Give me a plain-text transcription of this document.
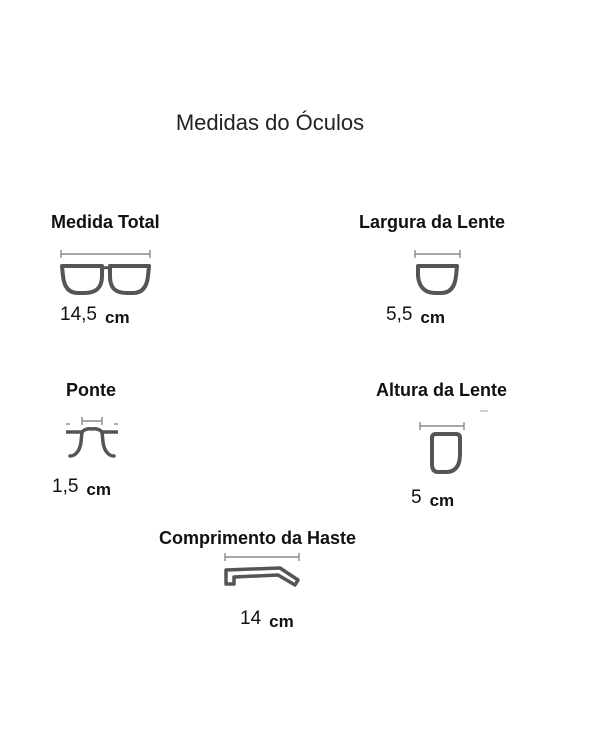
Medidas do Óculos
Medida Total
14,5 cm
Largura da Lente
5,5 cm
Ponte
1,5 cm
Altura da Lente
5 cm
Comprimento da Haste
14 cm
